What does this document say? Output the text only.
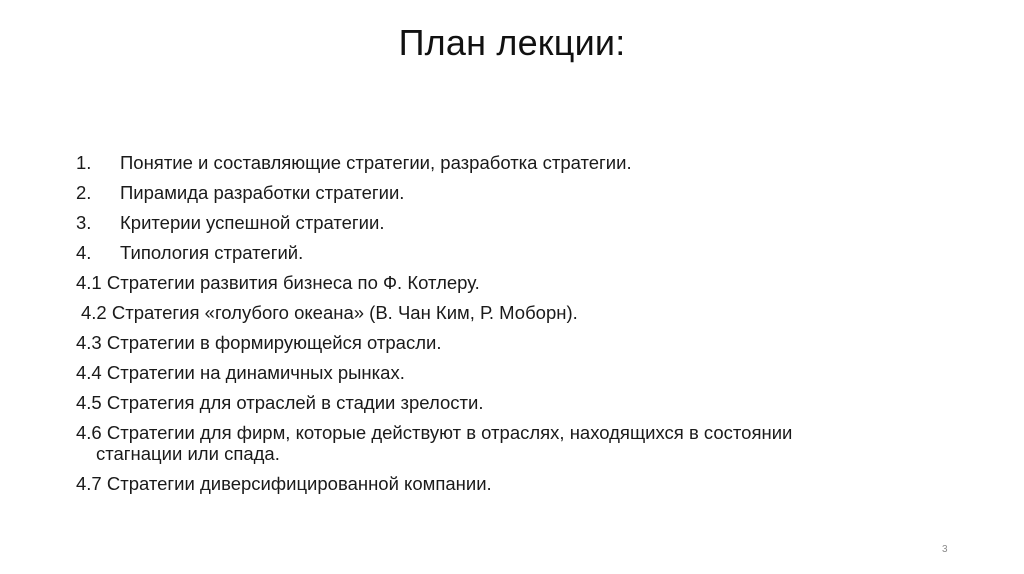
План лекции:
1. Понятие и составляющие стратегии, разработка стратегии.
2. Пирамида разработки стратегии.
3. Критерии успешной стратегии.
4. Типология стратегий.
4.1 Стратегии развития бизнеса по Ф. Котлеру.
4.2 Стратегия «голубого океана» (В. Чан Ким, Р. Моборн).
4.3 Стратегии в формирующейся отрасли.
4.4 Стратегии на динамичных рынках.
4.5 Стратегия для отраслей в стадии зрелости.
4.6 Стратегии для фирм, которые действуют в отраслях, находящихся в состоянии
стагнации или спада.
4.7 Стратегии диверсифицированной компании.
3
